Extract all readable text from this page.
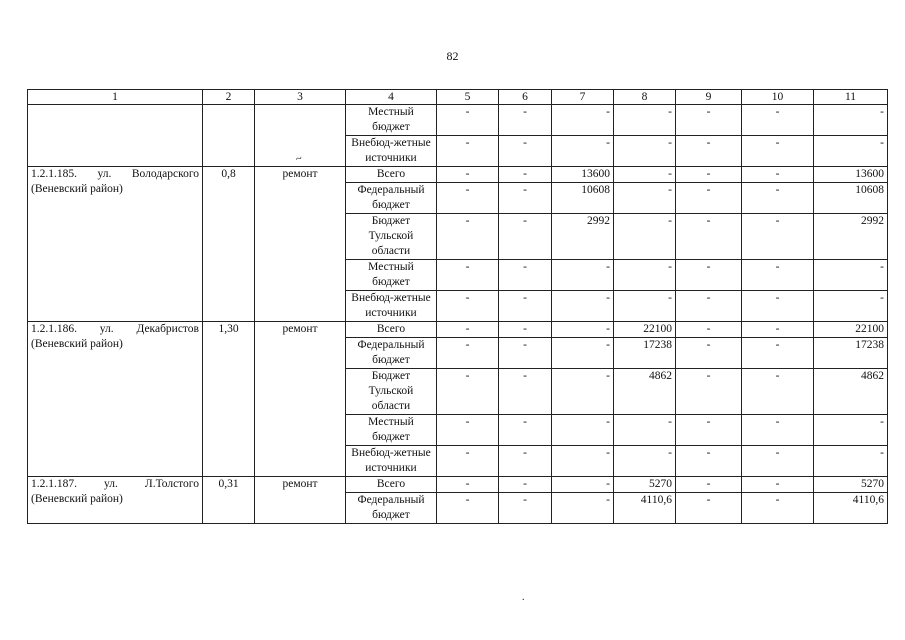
82
1	2	3	4	5	6	7	8	9	10	11
			Местный бюджет	-	-	-	-	-	-	-
			Внебюд-жетные источники	-	-	-	-	-	-	-
1.2.1.185. ул. Володарского (Веневский район)	0,8	ремонт	Всего	-	-	13600	-	-	-	13600
			Федеральный бюджет	-	-	10608	-	-	-	10608
			Бюджет Тульской области	-	-	2992	-	-	-	2992
			Местный бюджет	-	-	-	-	-	-	-
			Внебюд-жетные источники	-	-	-	-	-	-	-
1.2.1.186. ул. Декабристов (Веневский район)	1,30	ремонт	Всего	-	-	-	22100	-	-	22100
			Федеральный бюджет	-	-	-	17238	-	-	17238
			Бюджет Тульской области	-	-	-	4862	-	-	4862
			Местный бюджет	-	-	-	-	-	-	-
			Внебюд-жетные источники	-	-	-	-	-	-	-
1.2.1.187. ул. Л.Толстого (Веневский район)	0,31	ремонт	Всего	-	-	-	5270	-	-	5270
			Федеральный бюджет	-	-	-	4110,6	-	-	4110,6
~
.
